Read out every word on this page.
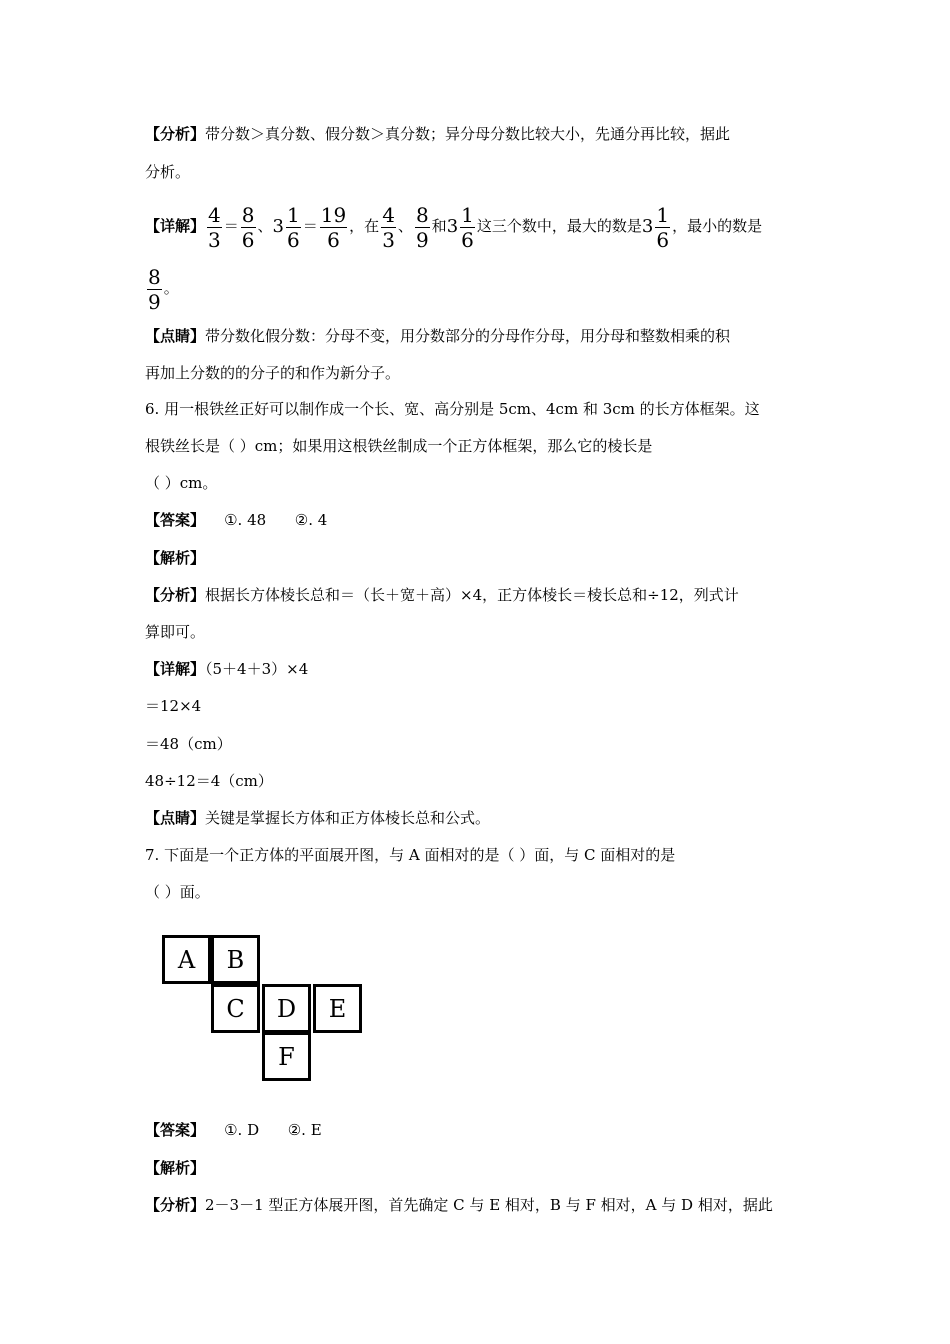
【分析】带分数＞真分数、假分数＞真分数；异分母分数比较大小，先通分再比较，据此
分析。
【详解】 $\frac{4}{3} = \frac{8}{6}$ 、$3 \frac{1}{6} = \frac{19}{6}$ ，在 $\frac{4}{3}$ 、 $\frac{8}{9}$ 和$3 \frac{1}{6}$ 这三个数中，最大的数是$3 \frac{1}{6}$ ，最小的数是
$\frac{8}{9}$ 。
【点睛】带分数化假分数：分母不变，用分数部分的分母作分母，用分母和整数相乘的积
再加上分数的的分子的和作为新分子。
6. 用一根铁丝正好可以制作成一个长、宽、高分别是 5cm、4cm 和 3cm 的长方体框架。这
根铁丝长是（ ）cm；如果用这根铁丝制成一个正方体框架，那么它的棱长是
（ ）cm。
【答案】    ①. 48      ②. 4
【解析】
【分析】根据长方体棱长总和＝（长＋宽＋高）×4，正方体棱长＝棱长总和÷12，列式计
算即可。
【详解】（5＋4＋3）×4
＝12×4
＝48（cm）
48÷12＝4（cm）
【点睛】关键是掌握长方体和正方体棱长总和公式。
7. 下面是一个正方体的平面展开图，与 A 面相对的是（ ）面，与 C 面相对的是
（ ）面。
A	B
C	D	E
F
【答案】    ①. D      ②. E
【解析】
【分析】2－3－1 型正方体展开图，首先确定 C 与 E 相对，B 与 F 相对，A 与 D 相对，据此
